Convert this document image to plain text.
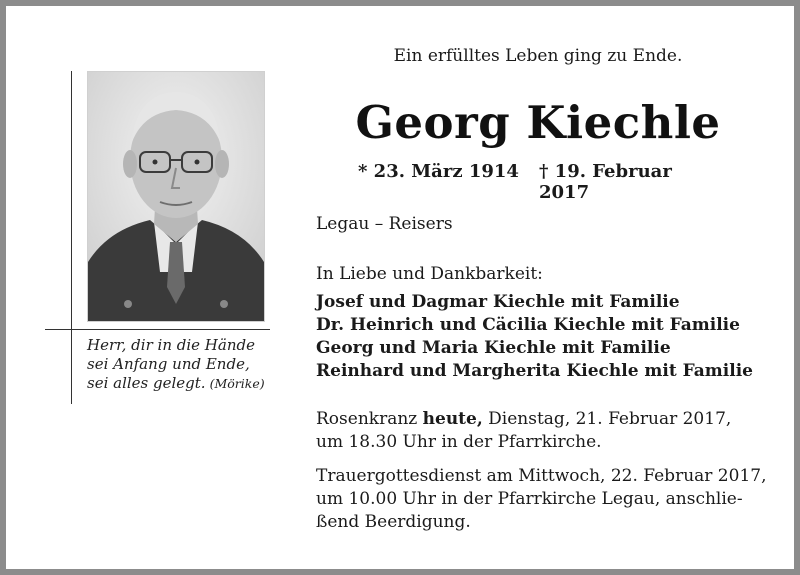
Herr, dir in die Hände
sei Anfang und Ende,
sei alles gelegt. (Mörike)
Ein erfülltes Leben ging zu Ende.
Georg Kiechle
* 23. März 1914 † 19. Februar 2017
Legau – Reisers
In Liebe und Dankbarkeit:
Josef und Dagmar Kiechle mit Familie
Dr. Heinrich und Cäcilia Kiechle mit Familie
Georg und Maria Kiechle mit Familie
Reinhard und Margherita Kiechle mit Familie
Rosenkranz heute, Dienstag, 21. Februar 2017,
um 18.30 Uhr in der Pfarrkirche.
Trauergottesdienst am Mittwoch, 22. Februar 2017,
um 10.00 Uhr in der Pfarrkirche Legau, anschlie-
ßend Beerdigung.
